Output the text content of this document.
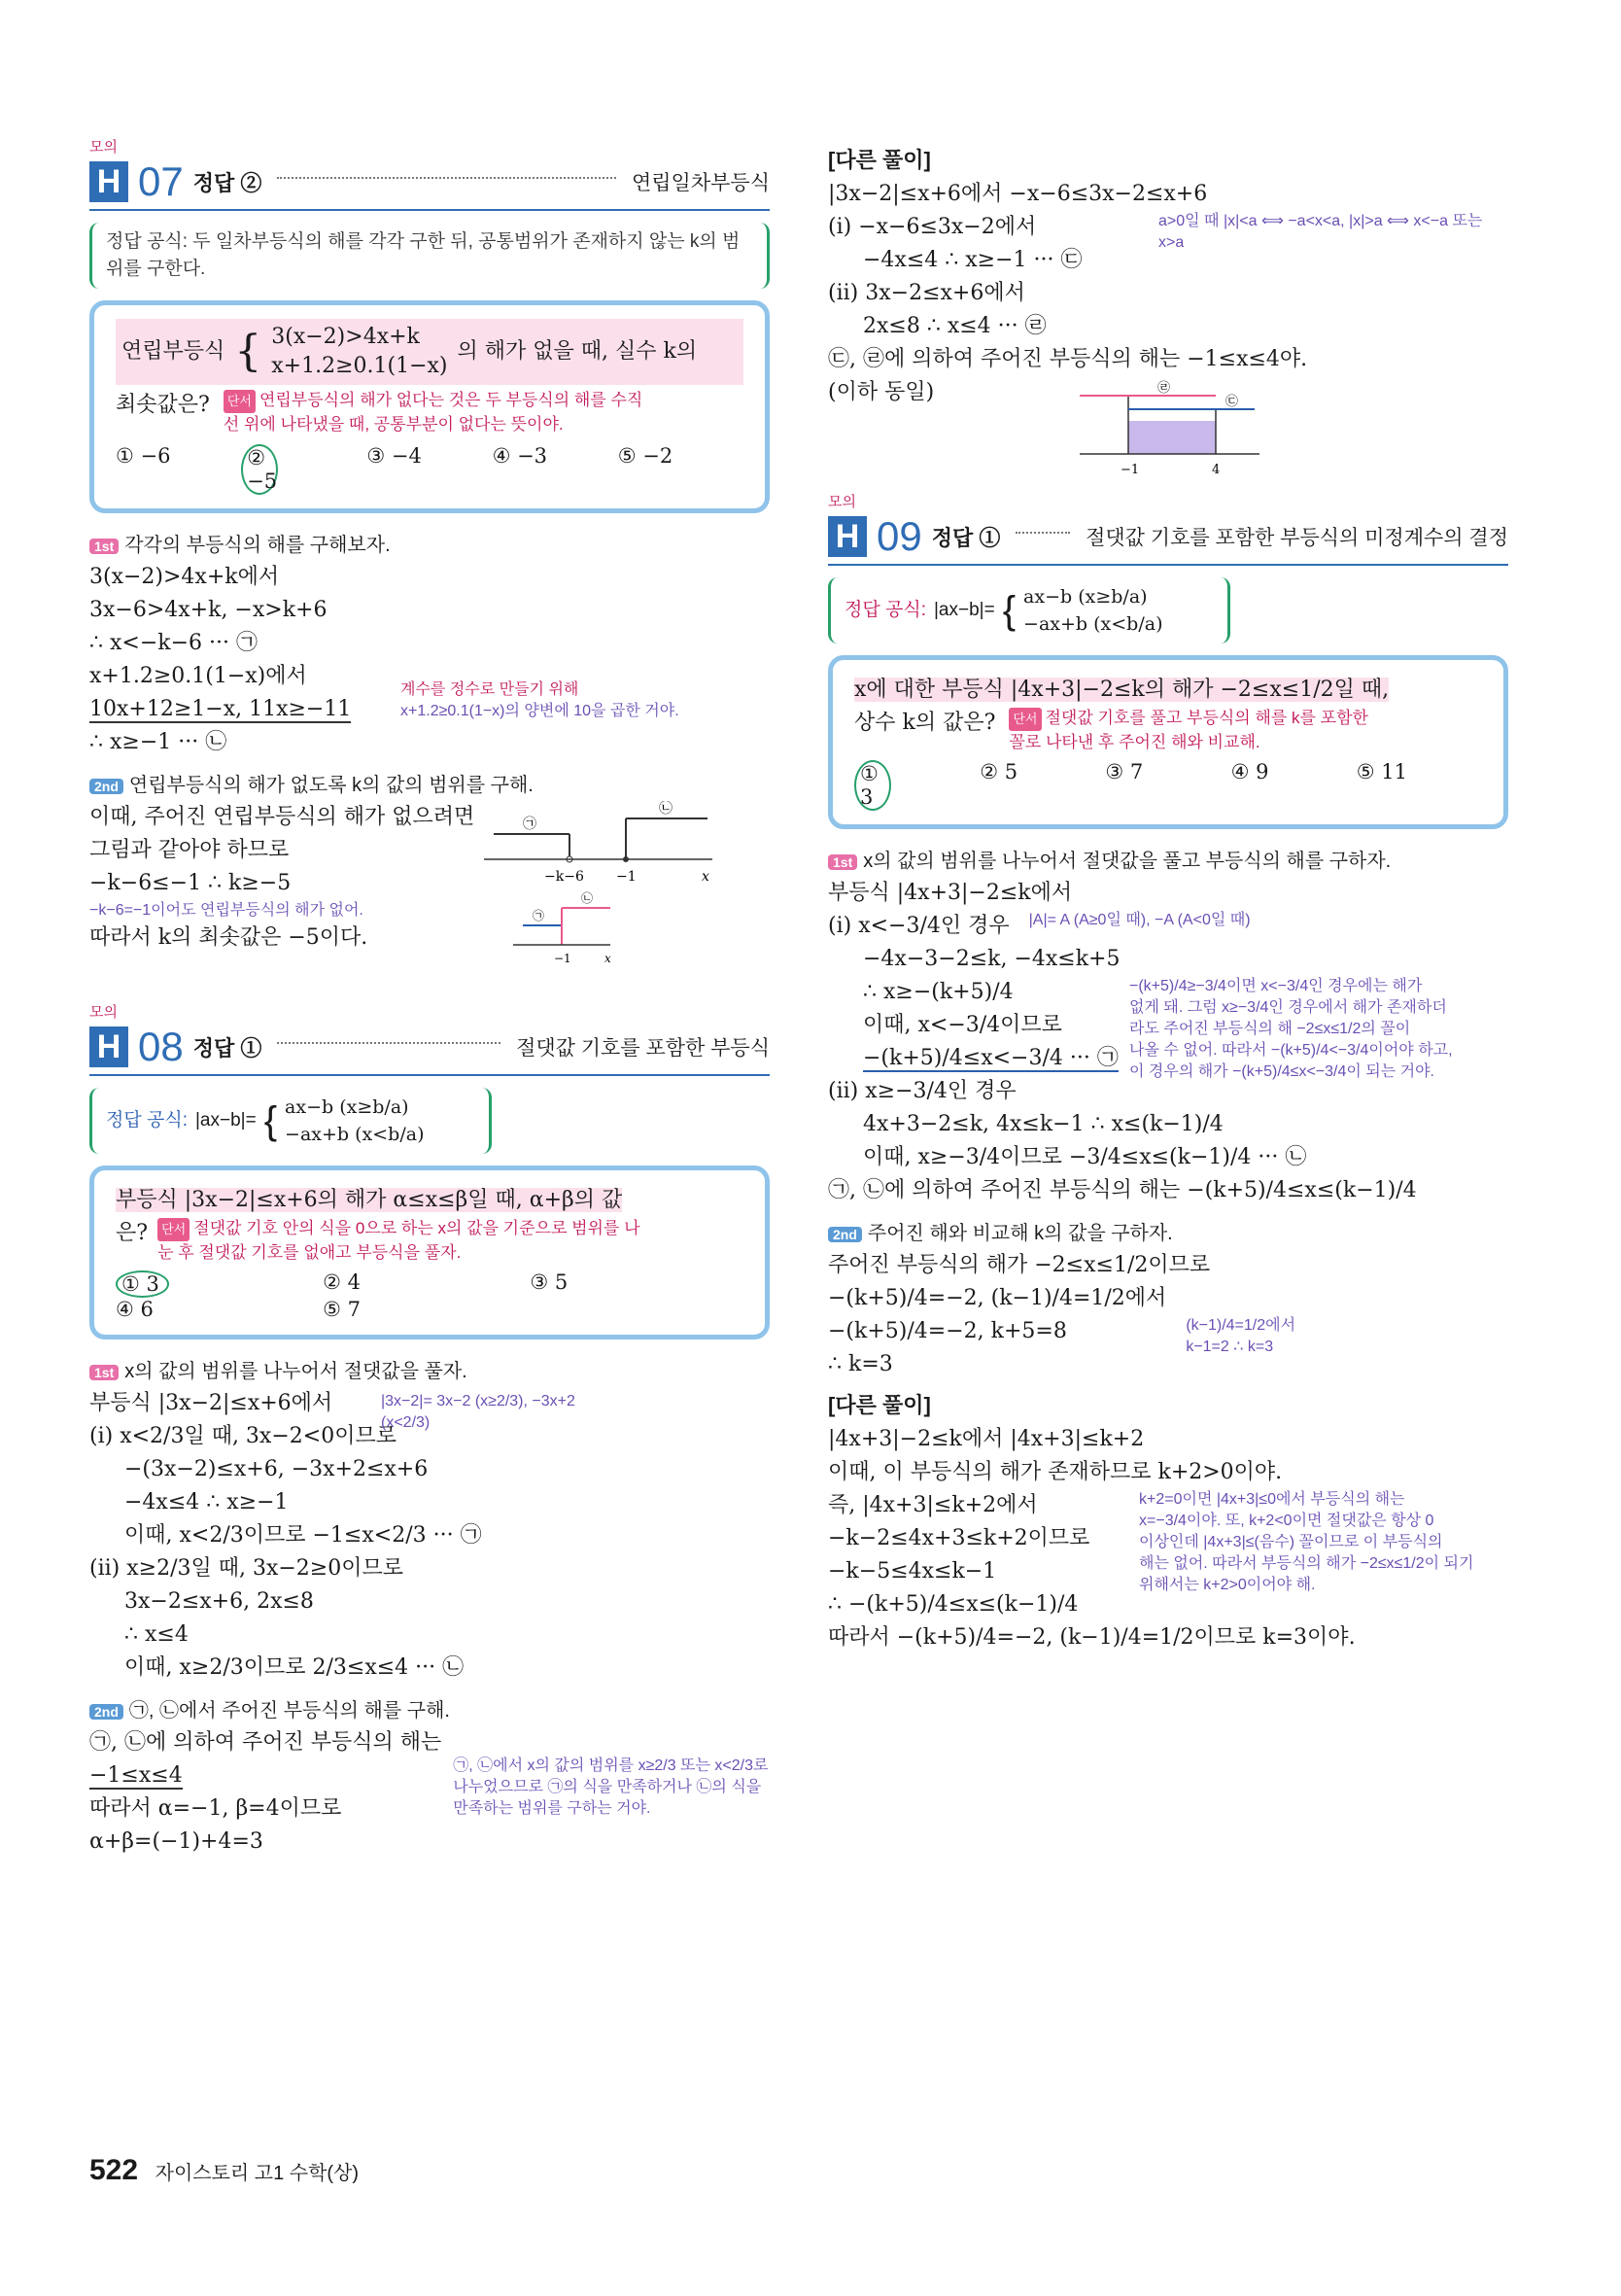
모의
H 07 정답 ②	연립일차부등식
정답 공식: 두 일차부등식의 해를 각각 구한 뒤, 공통범위가 존재하지 않는 k의 범위를 구한다.
연립부등식 { 3(x−2)>4x+k
x+1.2≥0.1(1−x)
의 해가 없을 때, 실수 k의
최솟값은?	단서 연립부등식의 해가 없다는 것은 두 부등식의 해를 수직선 위에 나타냈을 때, 공통부분이 없다는 뜻이야.
① −6	② −5
③ −4	④ −3	⑤ −2
1st 각각의 부등식의 해를 구해보자.
3(x−2)>4x+k에서
3x−6>4x+k, −x>k+6
∴ x<−k−6 ··· ㉠
x+1.2≥0.1(1−x)에서
10x+12≥1−x, 11x≥−11
계수를 정수로 만들기 위해
x+1.2≥0.1(1−x)의 양변에 10을 곱한 거야.
∴ x≥−1 ··· ㉡
2nd 연립부등식의 해가 없도록 k의 값의 범위를 구해.
이때, 주어진 연립부등식의 해가 없으려면
그림과 같아야 하므로
−k−6≤−1 ∴ k≥−5
−k−6=−1이어도 연립부등식의 해가 없어.
따라서 k의 최솟값은 −5이다.
㉠
㉡
−k−6 −1	x
㉠
㉡
−1	x
모의
H 08 정답 ①	절댓값 기호를 포함한 부등식
정답 공식: |ax−b|= { ax−b (x≥b/a)
−ax+b (x<b/a)
부등식 |3x−2|≤x+6의 해가 α≤x≤β일 때, α+β의 값
은?	단서 절댓값 기호 안의 식을 0으로 하는 x의 값을 기준으로 범위를 나눈 후 절댓값 기호를 없애고 부등식을 풀자.
① 3	② 4	③ 5
④ 6	⑤ 7
1st x의 값의 범위를 나누어서 절댓값을 풀자.
부등식 |3x−2|≤x+6에서	|3x−2|= 3x−2 (x≥2/3), −3x+2 (x<2/3)
(i) x<2/3일 때, 3x−2<0이므로
−(3x−2)≤x+6, −3x+2≤x+6
−4x≤4 ∴ x≥−1
이때, x<2/3이므로 −1≤x<2/3 ··· ㉠
(ii) x≥2/3일 때, 3x−2≥0이므로
3x−2≤x+6, 2x≤8
∴ x≤4
이때, x≥2/3이므로 2/3≤x≤4 ··· ㉡
2nd ㉠, ㉡에서 주어진 부등식의 해를 구해.
㉠, ㉡에 의하여 주어진 부등식의 해는
−1≤x≤4
따라서 α=−1, β=4이므로
α+β=(−1)+4=3
㉠, ㉡에서 x의 값의 범위를 x≥2/3 또는 x<2/3로 나누었으므로 ㉠의 식을 만족하거나 ㉡의 식을 만족하는 범위를 구하는 거야.
[다른 풀이]
|3x−2|≤x+6에서 −x−6≤3x−2≤x+6
(i) −x−6≤3x−2에서	a>0일 때 |x|<a ⟺ −a<x<a, |x|>a ⟺ x<−a 또는 x>a
−4x≤4 ∴ x≥−1 ··· ㉢
(ii) 3x−2≤x+6에서
2x≤8 ∴ x≤4 ··· ㉣
㉢, ㉣에 의하여 주어진 부등식의 해는 −1≤x≤4야.
(이하 동일)	㉣
㉢
−1	4
모의
H 09 정답 ①	절댓값 기호를 포함한 부등식의 미정계수의 결정
정답 공식: |ax−b|= { ax−b (x≥b/a)
−ax+b (x<b/a)
x에 대한 부등식 |4x+3|−2≤k의 해가 −2≤x≤1/2일 때,
상수 k의 값은?	단서 절댓값 기호를 풀고 부등식의 해를 k를 포함한 꼴로 나타낸 후 주어진 해와 비교해.
① 3
② 5	③ 7	④ 9	⑤ 11
1st x의 값의 범위를 나누어서 절댓값을 풀고 부등식의 해를 구하자.
부등식 |4x+3|−2≤k에서
(i) x<−3/4인 경우 |A|= A (A≥0일 때), −A (A<0일 때)
−4x−3−2≤k, −4x≤k+5
∴ x≥−(k+5)/4
이때, x<−3/4이므로
−(k+5)/4≤x<−3/4 ··· ㉠
(ii) x≥−3/4인 경우
−(k+5)/4≥−3/4이면 x<−3/4인 경우에는 해가
없게 돼. 그럼 x≥−3/4인 경우에서 해가 존재하더
라도 주어진 부등식의 해 −2≤x≤1/2의 꼴이
나올 수 없어. 따라서 −(k+5)/4<−3/4이어야 하고,
이 경우의 해가 −(k+5)/4≤x<−3/4이 되는 거야.
4x+3−2≤k, 4x≤k−1 ∴ x≤(k−1)/4
이때, x≥−3/4이므로 −3/4≤x≤(k−1)/4 ··· ㉡
㉠, ㉡에 의하여 주어진 부등식의 해는 −(k+5)/4≤x≤(k−1)/4
2nd 주어진 해와 비교해 k의 값을 구하자.
주어진 부등식의 해가 −2≤x≤1/2이므로
−(k+5)/4=−2, (k−1)/4=1/2에서
−(k+5)/4=−2, k+5=8
∴ k=3
(k−1)/4=1/2에서
k−1=2 ∴ k=3
[다른 풀이]
|4x+3|−2≤k에서 |4x+3|≤k+2
이때, 이 부등식의 해가 존재하므로 k+2>0이야.
즉, |4x+3|≤k+2에서
−k−2≤4x+3≤k+2이므로
−k−5≤4x≤k−1
∴ −(k+5)/4≤x≤(k−1)/4
k+2=0이면 |4x+3|≤0에서 부등식의 해는
x=−3/4이야. 또, k+2<0이면 절댓값은 항상 0
이상인데 |4x+3|≤(음수) 꼴이므로 이 부등식의
해는 없어. 따라서 부등식의 해가 −2≤x≤1/2이 되기
위해서는 k+2>0이어야 해.
따라서 −(k+5)/4=−2, (k−1)/4=1/2이므로 k=3이야.
522 자이스토리 고1 수학(상)
